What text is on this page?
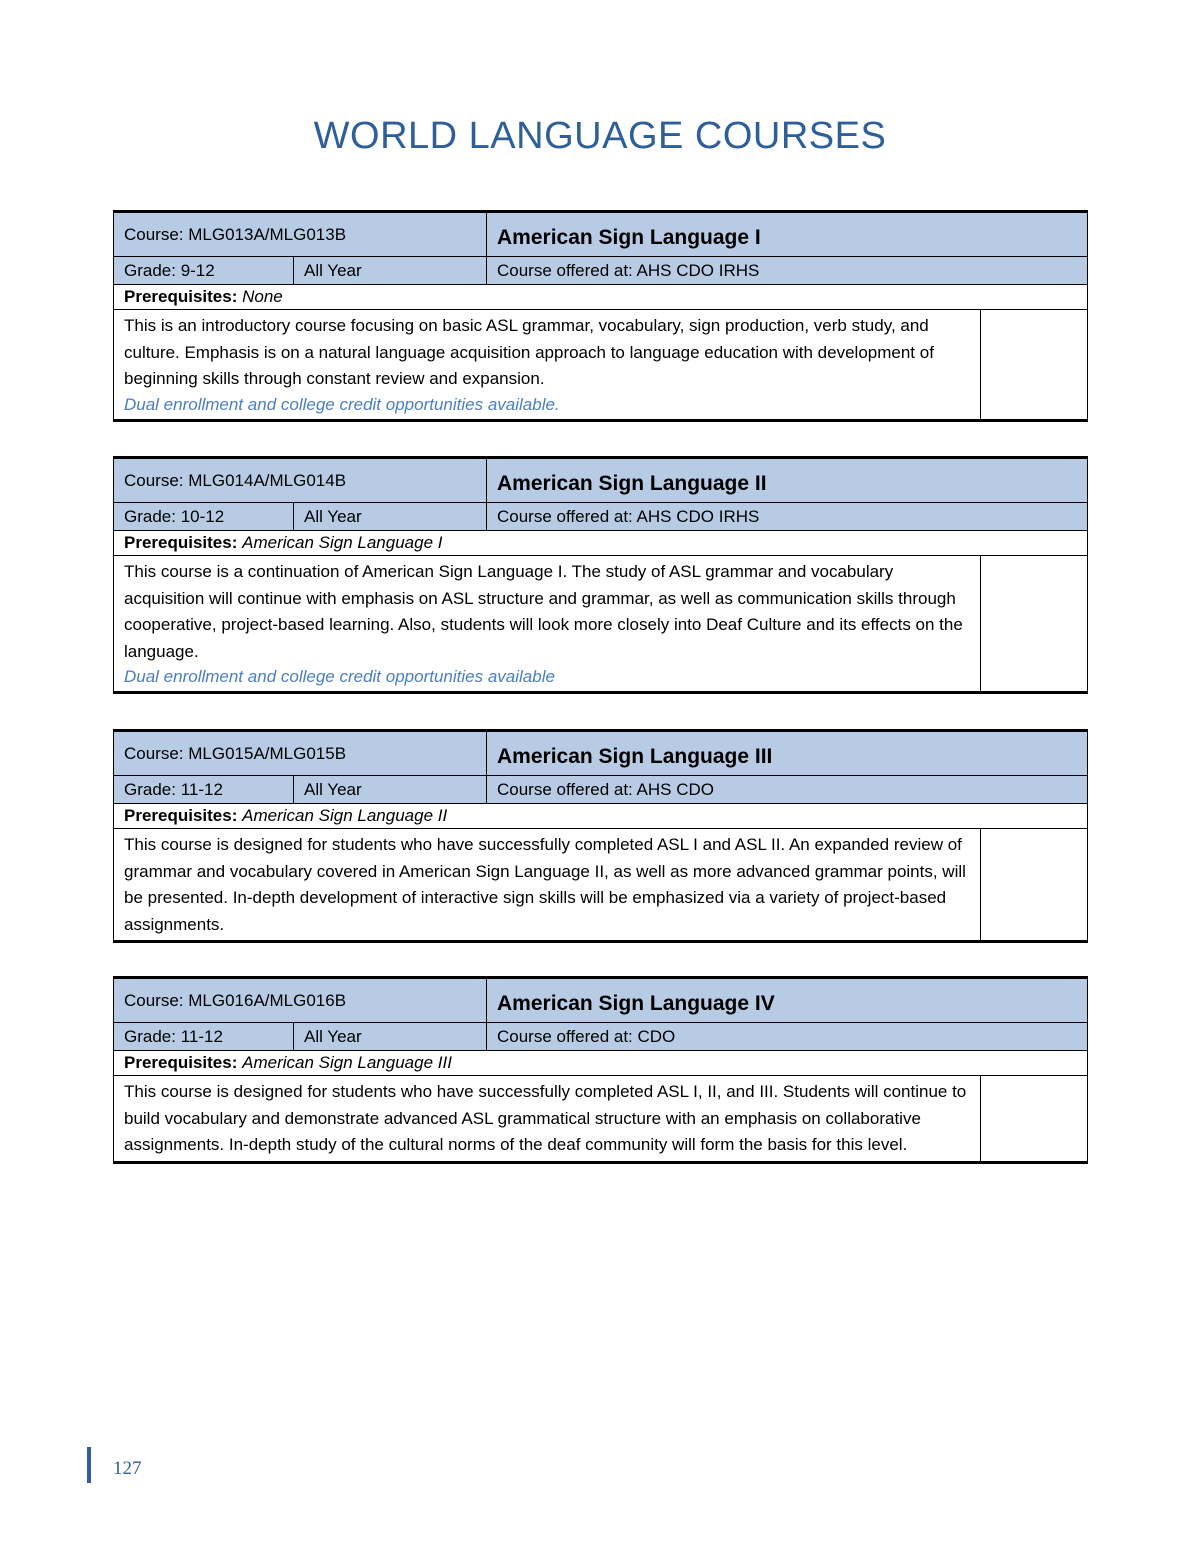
WORLD LANGUAGE COURSES
Course: MLG013A/MLG013B		American Sign Language I	
Grade: 9-12	All Year	Course offered at: AHS CDO IRHS	
Prerequisites: None			
This is an introductory course focusing on basic ASL grammar, vocabulary, sign production, verb study, and culture. Emphasis is on a natural language acquisition approach to language education with development of beginning skills through constant review and expansion.
Dual enrollment and college credit opportunities available.			

Course: MLG014A/MLG014B		American Sign Language II	
Grade: 10-12	All Year	Course offered at: AHS CDO IRHS	
Prerequisites: American Sign Language I			
This course is a continuation of American Sign Language I. The study of ASL grammar and vocabulary acquisition will continue with emphasis on ASL structure and grammar, as well as communication skills through cooperative, project-based learning. Also, students will look more closely into Deaf Culture and its effects on the language.
Dual enrollment and college credit opportunities available			

Course: MLG015A/MLG015B		American Sign Language III	
Grade: 11-12	All Year	Course offered at: AHS CDO	
Prerequisites: American Sign Language II			
This course is designed for students who have successfully completed ASL I and ASL II. An expanded review of grammar and vocabulary covered in American Sign Language II, as well as more advanced grammar points, will be presented. In-depth development of interactive sign skills will be emphasized via a variety of project-based assignments.			
Course: MLG016A/MLG016B		American Sign Language IV	
Grade: 11-12	All Year	Course offered at: CDO	
Prerequisites: American Sign Language III			
This course is designed for students who have successfully completed ASL I, II, and III. Students will continue to build vocabulary and demonstrate advanced ASL grammatical structure with an emphasis on collaborative assignments. In-depth study of the cultural norms of the deaf community will form the basis for this level.			
127
